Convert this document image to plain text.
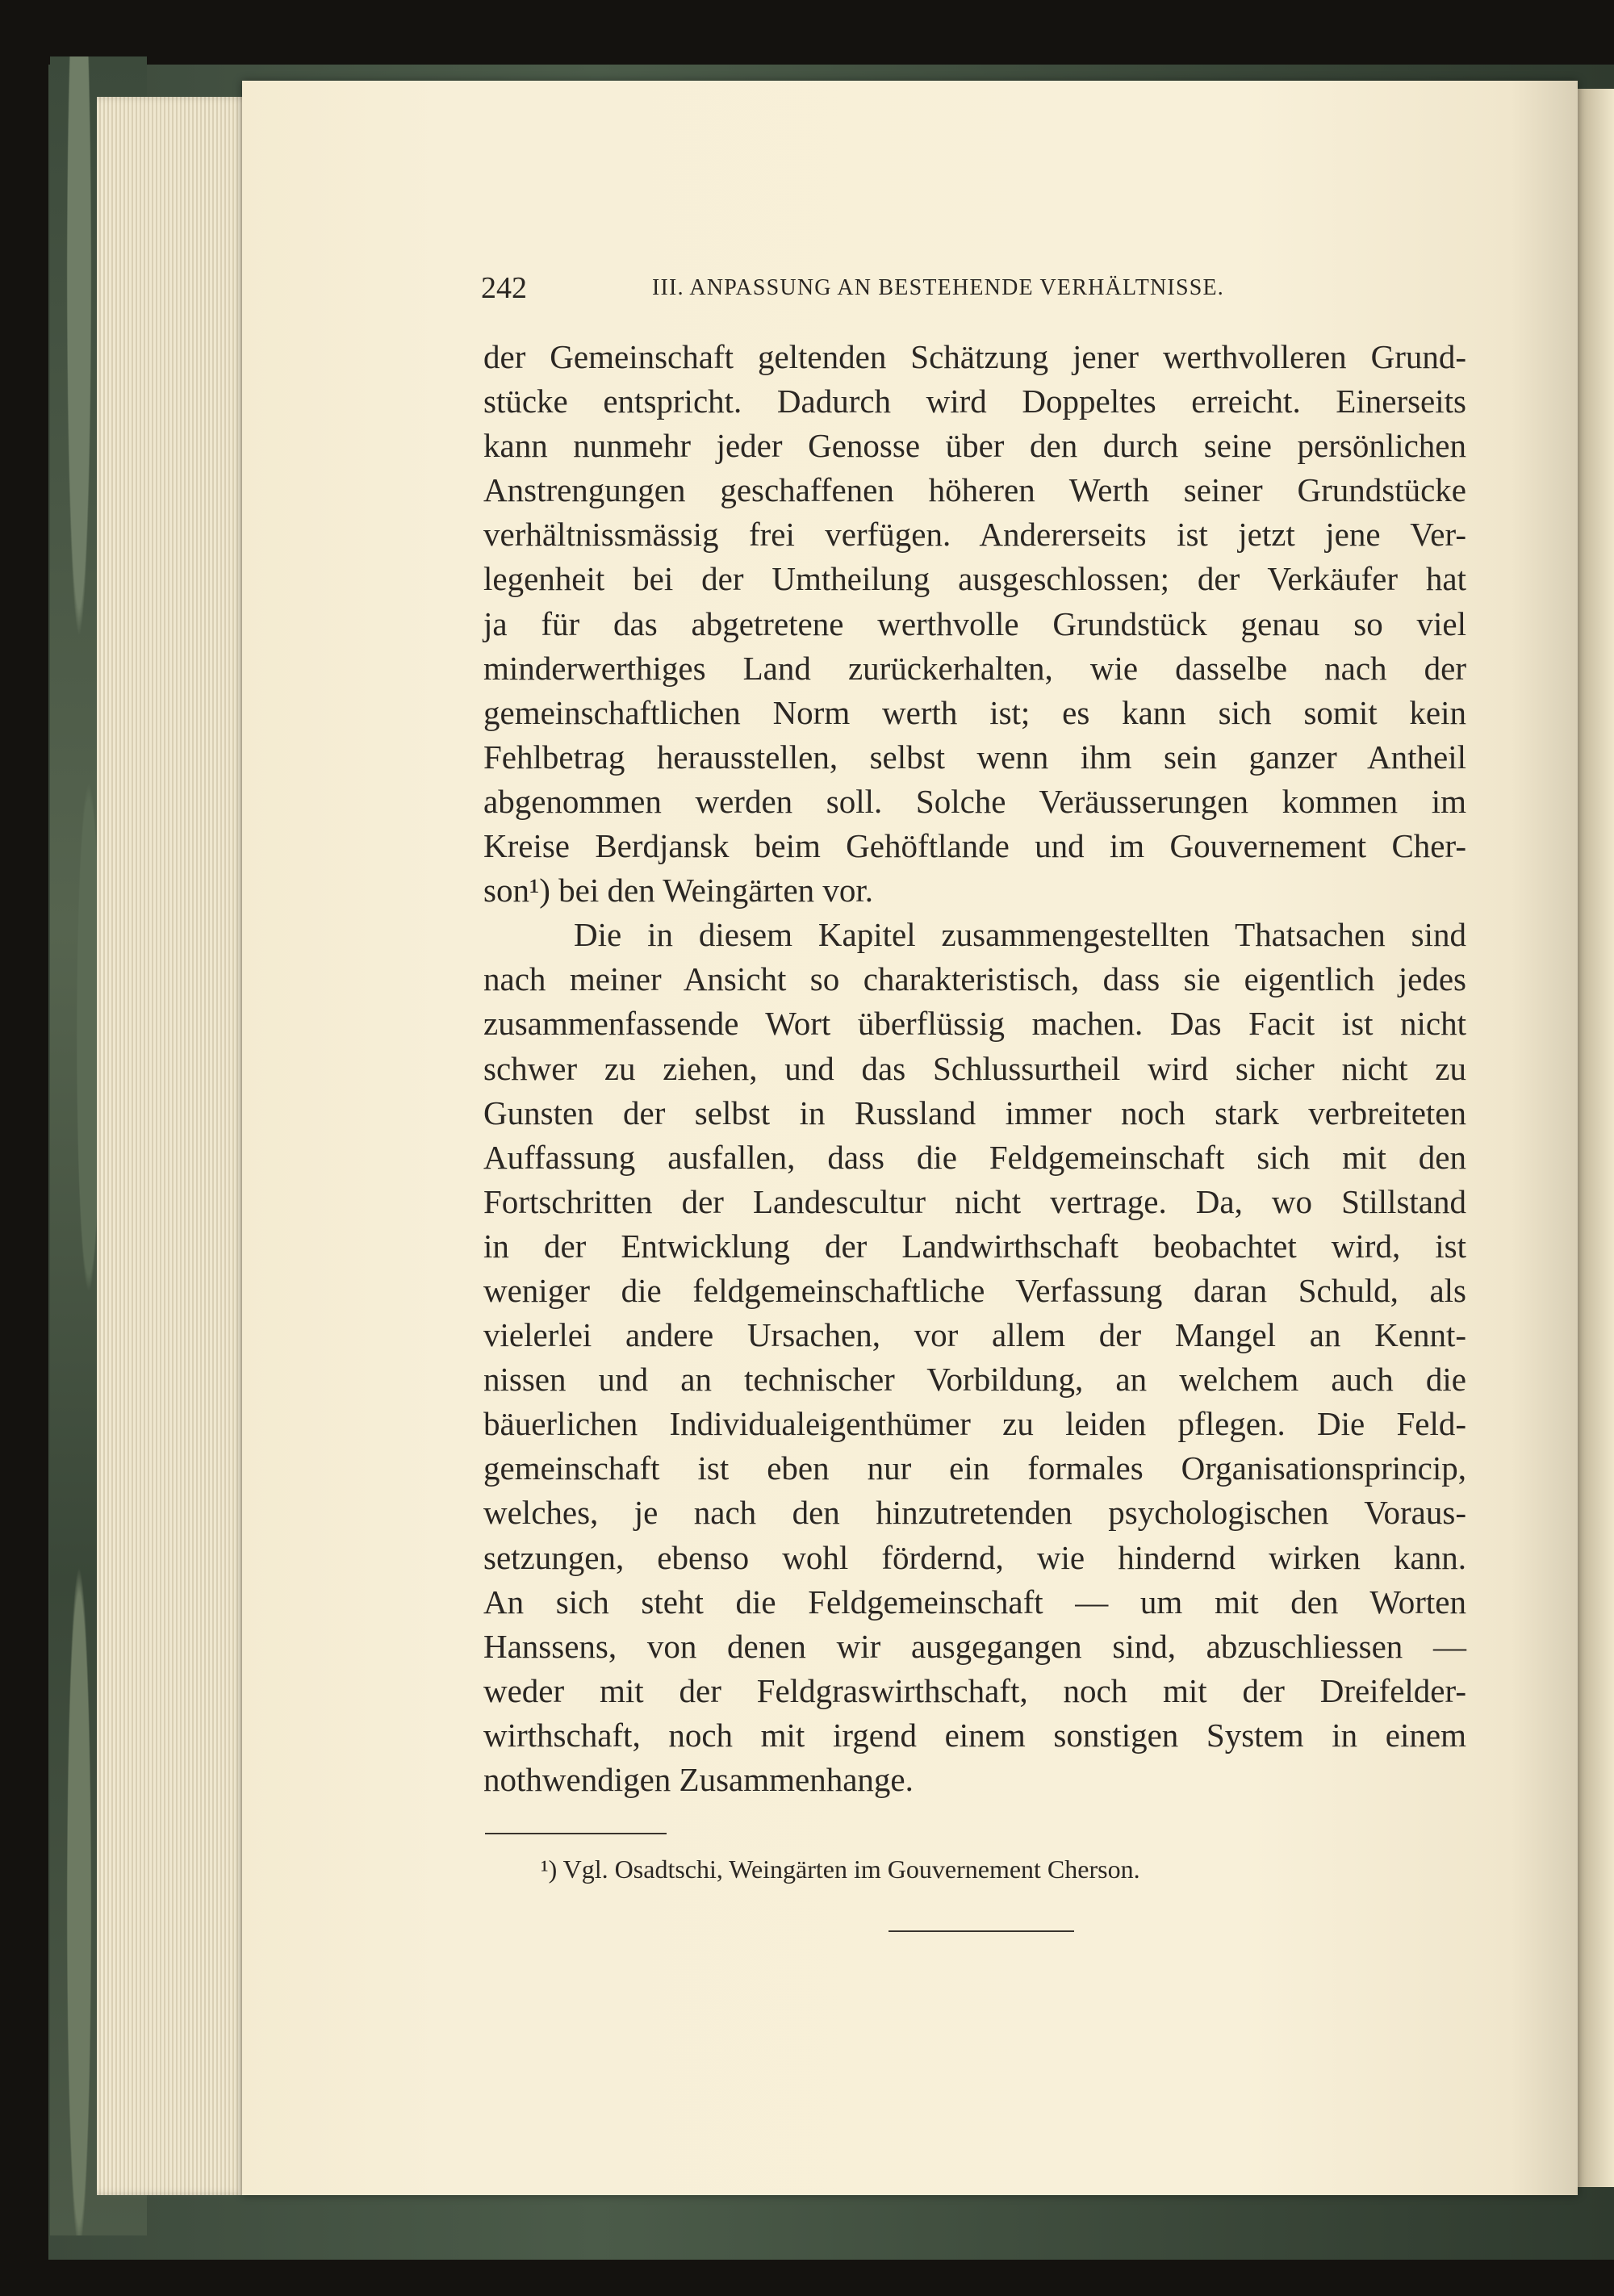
242	III. ANPASSUNG AN BESTEHENDE VERHÄLTNISSE.
der Gemeinschaft geltenden Schätzung jener werthvolleren Grund-
stücke entspricht. Dadurch wird Doppeltes erreicht. Einerseits
kann nunmehr jeder Genosse über den durch seine persönlichen
Anstrengungen geschaffenen höheren Werth seiner Grundstücke
verhältnissmässig frei verfügen. Andererseits ist jetzt jene Ver-
legenheit bei der Umtheilung ausgeschlossen; der Verkäufer hat
ja für das abgetretene werthvolle Grundstück genau so viel
minderwerthiges Land zurückerhalten, wie dasselbe nach der
gemeinschaftlichen Norm werth ist; es kann sich somit kein
Fehlbetrag herausstellen, selbst wenn ihm sein ganzer Antheil
abgenommen werden soll. Solche Veräusserungen kommen im
Kreise Berdjansk beim Gehöftlande und im Gouvernement Cher-
son¹) bei den Weingärten vor.
Die in diesem Kapitel zusammengestellten Thatsachen sind
nach meiner Ansicht so charakteristisch, dass sie eigentlich jedes
zusammenfassende Wort überflüssig machen. Das Facit ist nicht
schwer zu ziehen, und das Schlussurtheil wird sicher nicht zu
Gunsten der selbst in Russland immer noch stark verbreiteten
Auffassung ausfallen, dass die Feldgemeinschaft sich mit den
Fortschritten der Landescultur nicht vertrage. Da, wo Stillstand
in der Entwicklung der Landwirthschaft beobachtet wird, ist
weniger die feldgemeinschaftliche Verfassung daran Schuld, als
vielerlei andere Ursachen, vor allem der Mangel an Kennt-
nissen und an technischer Vorbildung, an welchem auch die
bäuerlichen Individualeigenthümer zu leiden pflegen. Die Feld-
gemeinschaft ist eben nur ein formales Organisationsprincip,
welches, je nach den hinzutretenden psychologischen Voraus-
setzungen, ebenso wohl fördernd, wie hindernd wirken kann.
An sich steht die Feldgemeinschaft — um mit den Worten
Hanssens, von denen wir ausgegangen sind, abzuschliessen —
weder mit der Feldgraswirthschaft, noch mit der Dreifelder-
wirthschaft, noch mit irgend einem sonstigen System in einem
nothwendigen Zusammenhange.
¹) Vgl. Osadtschi, Weingärten im Gouvernement Cherson.
